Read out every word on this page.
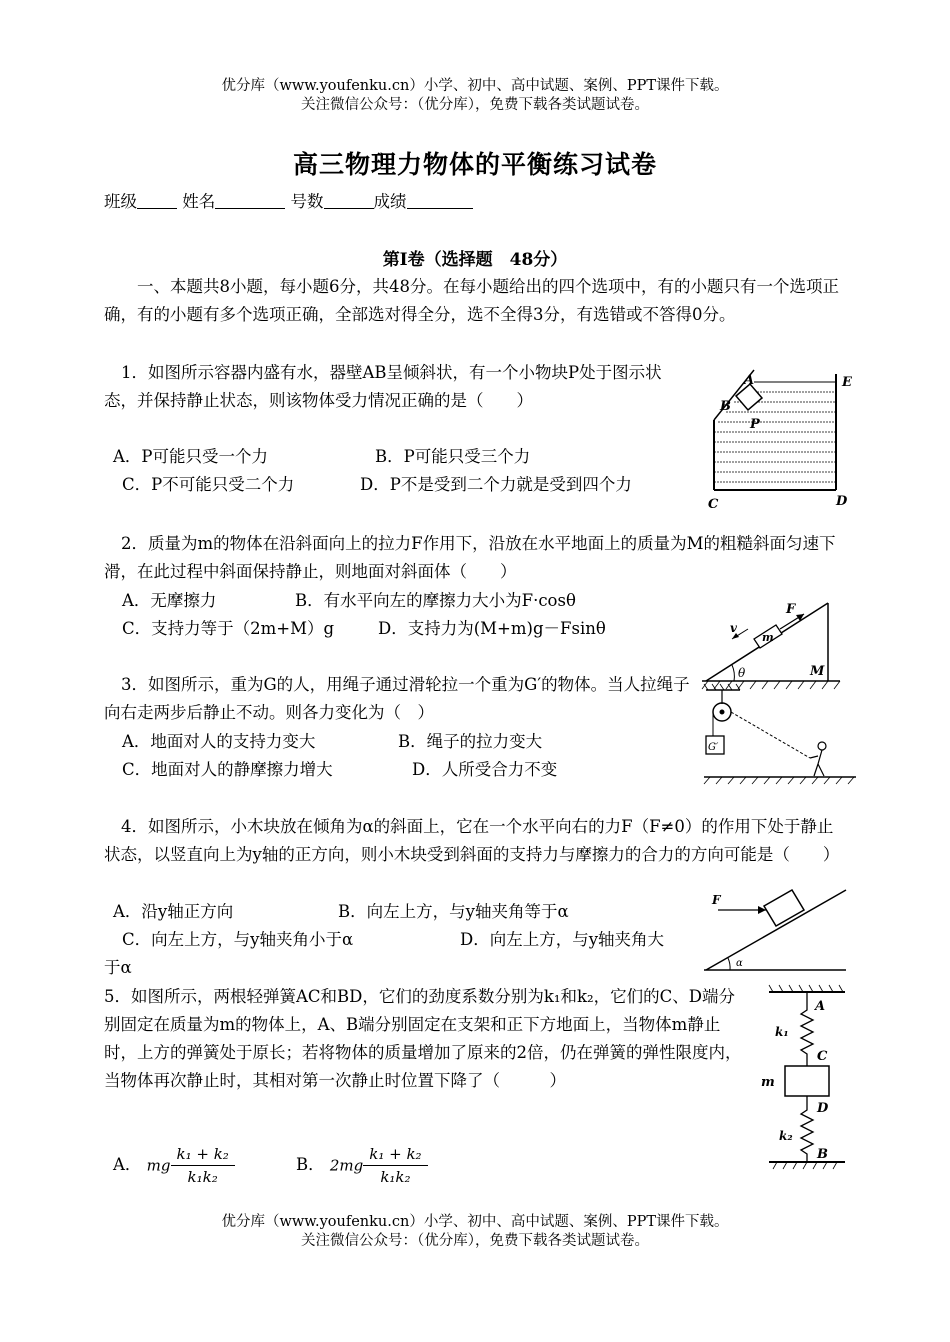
优分库（www.youfenku.cn）小学、初中、高中试题、案例、PPT课件下载。
关注微信公众号：（优分库），免费下载各类试题试卷。
高三物理力物体的平衡练习试卷
班级	姓名	号数	成绩
第Ⅰ卷（选择题　48分）
一、本题共8小题，每小题6分，共48分。在每小题给出的四个选项中，有的小题只有一个选项正确，有的小题有多个选项正确，全部选对得全分，选不全得3分，有选错或不答得0分。
1．如图所示容器内盛有水，器壁AB呈倾斜状，有一个小物块P处于图示状态，并保持静止状态，则该物体受力情况正确的是（　　）
A．P可能只受一个力	B．P可能只受三个力
C．P不可能只受二个力	D．P不是受到二个力就是受到四个力
A
B
P
E
C	D
2．质量为m的物体在沿斜面向上的拉力F作用下，沿放在水平地面上的质量为M的粗糙斜面匀速下滑，在此过程中斜面保持静止，则地面对斜面体（　　）
A．无摩擦力	B．有水平向左的摩擦力大小为F·cosθ
C．支持力等于（2m+M）g	D．支持力为(M+m)g－Fsinθ	v
F
m
θ	M
3．如图所示，重为G的人，用绳子通过滑轮拉一个重为G′的物体。当人拉绳子向右走两步后静止不动。则各力变化为（　）
A．地面对人的支持力变大	B．绳子的拉力变大
C．地面对人的静摩擦力增大	D．人所受合力不变
G′
4．如图所示，小木块放在倾角为α的斜面上，它在一个水平向右的力F（F≠0）的作用下处于静止状态，以竖直向上为y轴的正方向，则小木块受到斜面的支持力与摩擦力的合力的方向可能是（　　）
A．沿y轴正方向	B．向左上方，与y轴夹角等于α
C．向左上方，与y轴夹角小于α	D．向左上方，与y轴夹角大于α
F
α
5．如图所示，两根轻弹簧AC和BD，它们的劲度系数分别为k₁和k₂，它们的C、D端分别固定在质量为m的物体上，A、B端分别固定在支架和正下方地面上，当物体m静止时，上方的弹簧处于原长；若将物体的质量增加了原来的2倍，仍在弹簧的弹性限度内，当物体再次静止时，其相对第一次静止时位置下降了（　　　）
A． mg $\frac{\text{k₁ + k₂}}{\text{k₁k₂}}$	B． $2mg \frac{\text{k₁ + k₂}}{\text{k₁k₂}}$
A
k₁
C
m
D
k₂
B
优分库（www.youfenku.cn）小学、初中、高中试题、案例、PPT课件下载。
关注微信公众号：（优分库），免费下载各类试题试卷。
